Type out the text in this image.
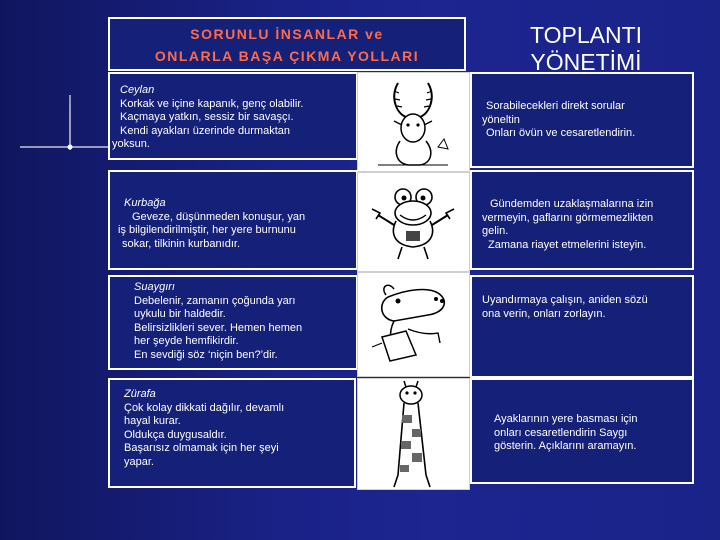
SORUNLU İNSANLAR ve
ONLARLA BAŞA ÇIKMA YOLLARI
TOPLANTI
YÖNETİMİ
Ceylan
Korkak ve içine kapanık, genç olabilir.
Kaçmaya yatkın, sessiz bir savaşçı.
Kendi ayakları üzerinde durmaktan
yoksun.
Sorabilecekleri direkt sorular
yöneltin
Onları övün ve cesaretlendirin.
Kurbağa
Geveze, düşünmeden konuşur, yan
iş bilgilendirilmiştir, her yere burnunu
sokar, tilkinin kurbanıdır.
Gündemden uzaklaşmalarına izin
vermeyin, gaflarını görmemezlikten
gelin.
Zamana riayet etmelerini isteyin.
Suaygırı
Debelenir, zamanın çoğunda yarı
uykulu bir haldedir.
Belirsizlikleri sever. Hemen hemen
her şeyde hemfikirdir.
En sevdiği söz ‘niçin ben?’dir.
Uyandırmaya çalışın, aniden sözü
ona verin, onları zorlayın.
Zürafa
Çok kolay dikkati dağılır, devamlı
hayal kurar.
Oldukça duygusaldır.
Başarısız olmamak için her şeyi
yapar.
Ayaklarının yere basması için
onları cesaretlendirin Saygı
gösterin. Açıklarını aramayın.
